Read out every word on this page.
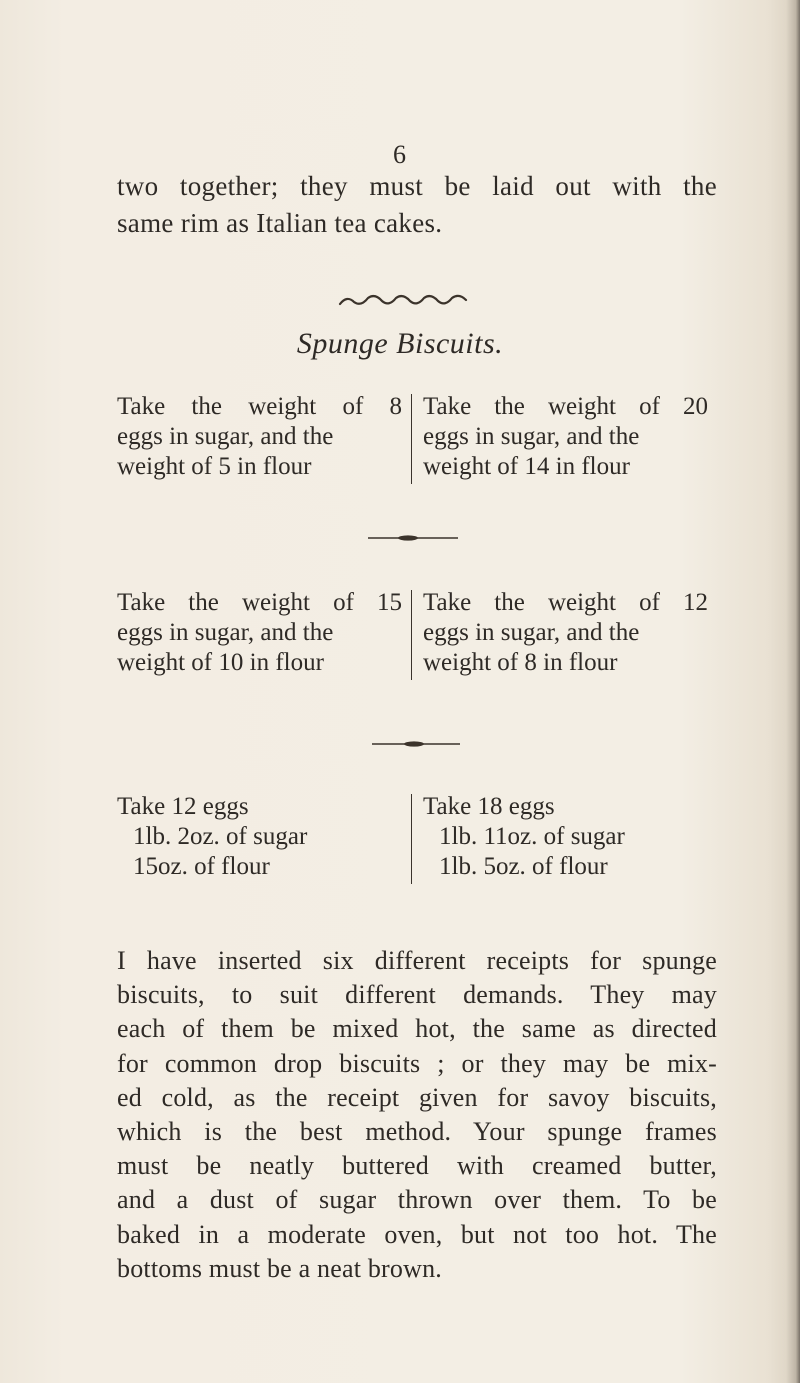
6

two together; they must be laid out with the

same rim as Italian tea cakes.

Spunge Biscuits.

Take the weight of 8

eggs in sugar, and the

weight of 5 in flour

Take the weight of 20

eggs in sugar, and the

weight of 14 in flour

Take the weight of 15

eggs in sugar, and the

weight of 10 in flour

Take the weight of 12

eggs in sugar, and the

weight of 8 in flour

Take 12 eggs

1lb. 2oz. of sugar

15oz. of flour

Take 18 eggs

1lb. 11oz. of sugar

1lb. 5oz. of flour

I have inserted six different receipts for spunge

biscuits, to suit different demands. They may

each of them be mixed hot, the same as directed

for common drop biscuits ; or they may be mix-

ed cold, as the receipt given for savoy biscuits,

which is the best method. Your spunge frames

must be neatly buttered with creamed butter,

and a dust of sugar thrown over them. To be

baked in a moderate oven, but not too hot. The

bottoms must be a neat brown.
